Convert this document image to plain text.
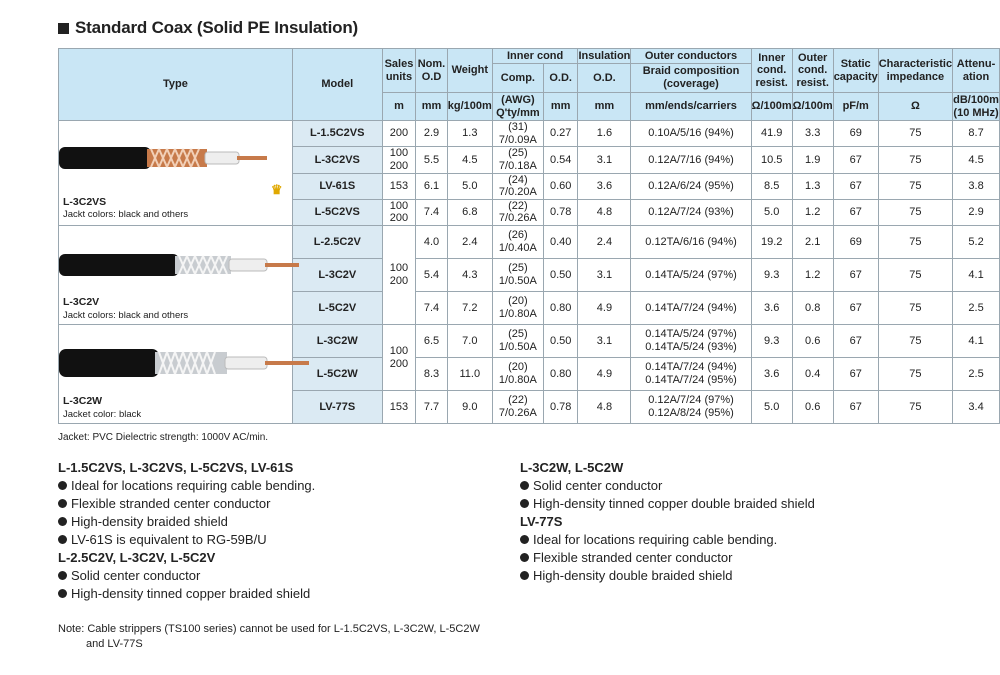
Standard Coax (Solid PE Insulation)
Type	Model	Sales units	Nom. O.D	Weight	Inner cond		Insulation	Outer conductors	Inner cond. resist.	Outer cond. resist.	Static capacity	Characteristic impedance	Attenu-ation
					Comp.	O.D.	O.D.	Braid composition (coverage)					
		m	mm	kg/100m	(AWG) Q'ty/mm	mm	mm	mm/ends/carriers	Ω/100m	Ω/100m	pF/m	Ω	dB/100m (10 MHz)

L-3C2VS
Jackt colors: black and others	L-1.5C2VS	200	2.9	1.3	(31) 7/0.09A	0.27	1.6	0.10A/5/16 (94%)	41.9	3.3	69	75	8.7
	L-3C2VS	100 200	5.5	4.5	(25) 7/0.18A	0.54	3.1	0.12A/7/16 (94%)	10.5	1.9	67	75	4.5

	♛ LV-61S	153	6.1	5.0	(24) 7/0.20A	0.60	3.6	0.12A/6/24 (95%)	8.5	1.3	67	75	3.8
	L-5C2VS	100 200	7.4	6.8	(22) 7/0.26A	0.78	4.8	0.12A/7/24 (93%)	5.0	1.2	67	75	2.9

L-3C2V
Jackt colors: black and others	L-2.5C2V	100 200	4.0	2.4	(26) 1/0.40A	0.40	2.4	0.12TA/6/16 (94%)	19.2	2.1	69	75	5.2
	L-3C2V		5.4	4.3	(25) 1/0.50A	0.50	3.1	0.14TA/5/24 (97%)	9.3	1.2	67	75	4.1
	L-5C2V		7.4	7.2	(20) 1/0.80A	0.80	4.9	0.14TA/7/24 (94%)	3.6	0.8	67	75	2.5

L-3C2W
Jacket color: black	L-3C2W	100 200	6.5	7.0	(25) 1/0.50A	0.50	3.1	0.14TA/5/24 (97%) 0.14TA/5/24 (93%)	9.3	0.6	67	75	4.1
	L-5C2W		8.3	11.0	(20) 1/0.80A	0.80	4.9	0.14TA/7/24 (94%) 0.14TA/7/24 (95%)	3.6	0.4	67	75	2.5
	LV-77S	153	7.7	9.0	(22) 7/0.26A	0.78	4.8	0.12A/7/24 (97%) 0.12A/8/24 (95%)	5.0	0.6	67	75	3.4
Jacket: PVC Dielectric strength: 1000V AC/min.
L-1.5C2VS, L-3C2VS, L-5C2VS, LV-61S
Ideal for locations requiring cable bending.
Flexible stranded center conductor
High-density braided shield
LV-61S is equivalent to RG-59B/U
L-2.5C2V, L-3C2V, L-5C2V
Solid center conductor
High-density tinned copper braided shield
L-3C2W, L-5C2W
Solid center conductor
High-density tinned copper double braided shield
LV-77S
Ideal for locations requiring cable bending.
Flexible stranded center conductor
High-density double braided shield
Note: Cable strippers (TS100 series) cannot be used for L-1.5C2VS, L-3C2W, L-5C2W
and LV-77S
